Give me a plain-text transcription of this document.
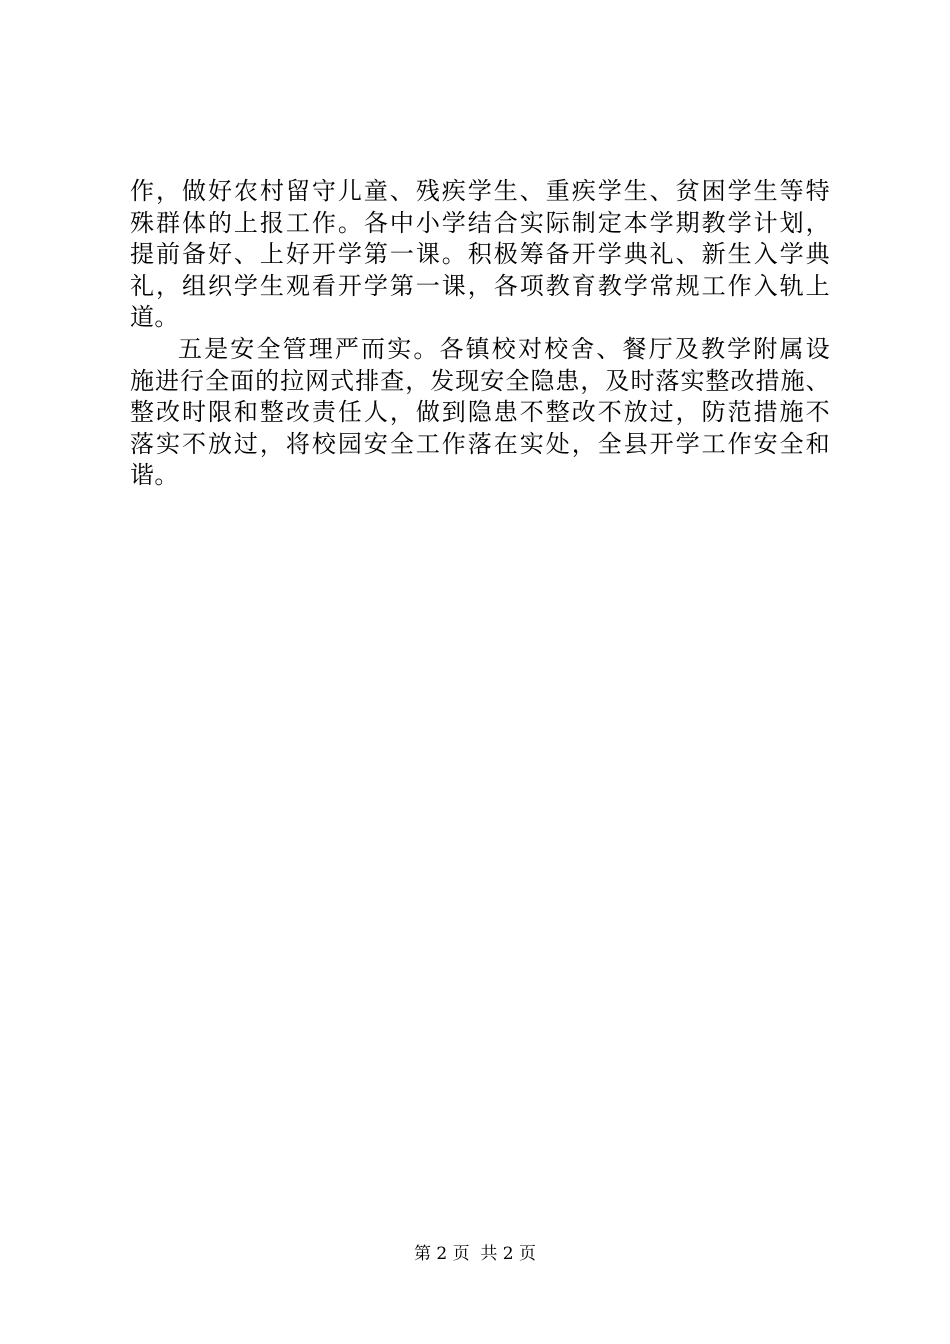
作，做好农村留守儿童、残疾学生、重疾学生、贫困学生等特
殊群体的上报工作。各中小学结合实际制定本学期教学计划，
提前备好、上好开学第一课。积极筹备开学典礼、新生入学典
礼，组织学生观看开学第一课，各项教育教学常规工作入轨上
道。
五是安全管理严而实。各镇校对校舍、餐厅及教学附属设
施进行全面的拉网式排查，发现安全隐患，及时落实整改措施、
整改时限和整改责任人，做到隐患不整改不放过，防范措施不
落实不放过，将校园安全工作落在实处，全县开学工作安全和
谐。
第 2 页  共 2 页
